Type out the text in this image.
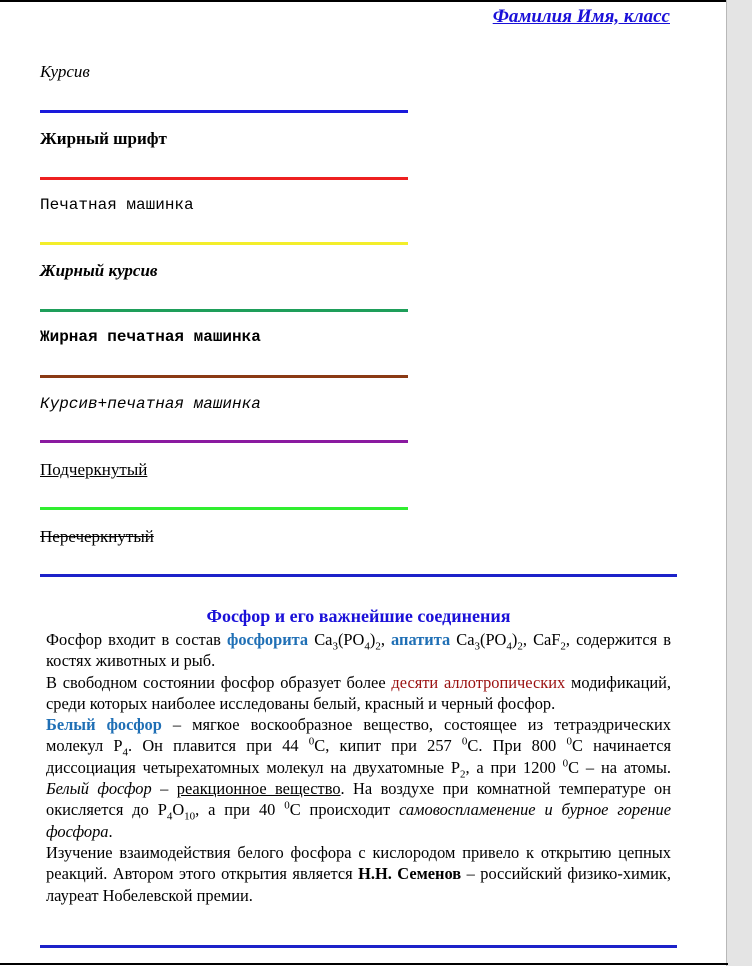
Фамилия Имя, класс
Курсив
Жирный шрифт
Печатная машинка
Жирный курсив
Жирная печатная машинка
Курсив+печатная машинка
Подчеркнутый
Перечеркнутый
Фосфор и его важнейшие соединения

Фосфор входит в состав фосфорита $Ca_3(PO_4)_2$, апатита $Ca_3(PO_4)_2$, CaF$_2$, содержится в костях животных и рыб.

В свободном состоянии фосфор образует более десяти аллотропических модификаций, среди которых наиболее исследованы белый, красный и черный фосфор.

Белый фосфор – мягкое воскообразное вещество, состоящее из тетраэдрических молекул $P_4$. Он плавится при 44 $^0$С, кипит при 257 $^0$С. При 800 $^0$С начинается диссоциация четырехатомных молекул на двухатомные $P_2$, а при 1200 $^0$С – на атомы. Белый фосфор – реакционное вещество. На воздухе при комнатной температуре он окисляется до $P_4O_{10}$, а при 40 $^0$С происходит самовоспламенение и бурное горение фосфора.

Изучение взаимодействия белого фосфора с кислородом привело к открытию цепных реакций. Автором этого открытия является Н.Н. Семенов – российский физико-химик, лауреат Нобелевской премии.
